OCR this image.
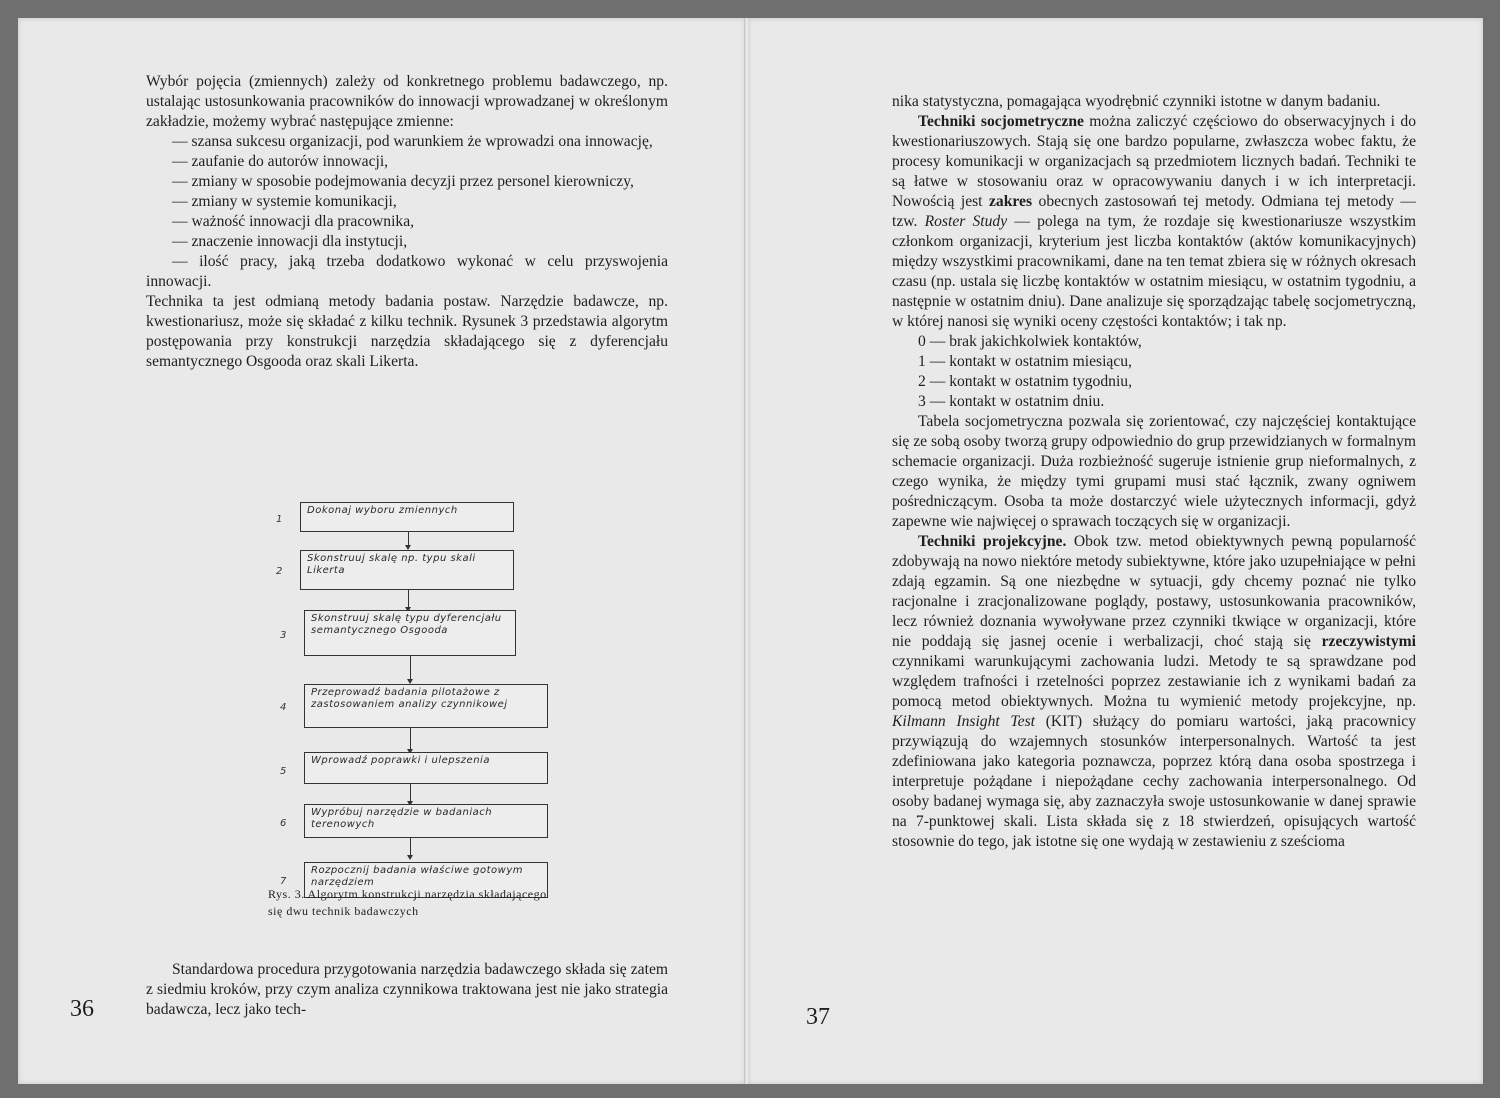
Wybór pojęcia (zmiennych) zależy od konkretnego problemu badawczego, np. ustalając ustosunkowania pracowników do innowacji wprowadzanej w określonym zakładzie, możemy wybrać następujące zmienne:

— szansa sukcesu organizacji, pod warunkiem że wprowadzi ona innowację,

— zaufanie do autorów innowacji,

— zmiany w sposobie podejmowania decyzji przez personel kierowniczy,

— zmiany w systemie komunikacji,

— ważność innowacji dla pracownika,

— znaczenie innowacji dla instytucji,

— ilość pracy, jaką trzeba dodatkowo wykonać w celu przyswojenia innowacji.

Technika ta jest odmianą metody badania postaw. Narzędzie badawcze, np. kwestionariusz, może się składać z kilku technik. Rysunek 3 przedstawia algorytm postępowania przy konstrukcji narzędzia składającego się z dyferencjału semantycznego Osgooda oraz skali Likerta.

1
Dokonaj wyboru zmiennych
2
Skonstruuj skalę np. typu skali Likerta
3
Skonstruuj skalę typu dyferencjału semantycznego Osgooda
4
Przeprowadź badania pilotażowe z zastosowaniem analizy czynnikowej
5
Wprowadź poprawki i ulepszenia
6
Wypróbuj narzędzie w badaniach terenowych
7
Rozpocznij badania właściwe gotowym narzędziem
Rys. 3. Algorytm konstrukcji narzędzia składającego się dwu technik badawczych
Standardowa procedura przygotowania narzędzia badawczego składa się zatem z siedmiu kroków, przy czym analiza czynnikowa traktowana jest nie jako strategia badawcza, lecz jako tech-
36

nika statystyczna, pomagająca wyodrębnić czynniki istotne w danym badaniu.

Techniki socjometryczne można zaliczyć częściowo do obserwacyjnych i do kwestionariuszowych. Stają się one bardzo popularne, zwłaszcza wobec faktu, że procesy komunikacji w organizacjach są przedmiotem licznych badań. Techniki te są łatwe w stosowaniu oraz w opracowywaniu danych i w ich interpretacji. Nowością jest zakres obecnych zastosowań tej metody. Odmiana tej metody — tzw. Roster Study — polega na tym, że rozdaje się kwestionariusze wszystkim członkom organizacji, kryterium jest liczba kontaktów (aktów komunikacyjnych) między wszystkimi pracownikami, dane na ten temat zbiera się w różnych okresach czasu (np. ustala się liczbę kontaktów w ostatnim miesiącu, w ostatnim tygodniu, a następnie w ostatnim dniu). Dane analizuje się sporządzając tabelę socjometryczną, w której nanosi się wyniki oceny częstości kontaktów; i tak np.

0 — brak jakichkolwiek kontaktów,

1 — kontakt w ostatnim miesiącu,

2 — kontakt w ostatnim tygodniu,

3 — kontakt w ostatnim dniu.

Tabela socjometryczna pozwala się zorientować, czy najczęściej kontaktujące się ze sobą osoby tworzą grupy odpowiednio do grup przewidzianych w formalnym schemacie organizacji. Duża rozbieżność sugeruje istnienie grup nieformalnych, z czego wynika, że między tymi grupami musi stać łącznik, zwany ogniwem pośredniczącym. Osoba ta może dostarczyć wiele użytecznych informacji, gdyż zapewne wie najwięcej o sprawach toczących się w organizacji.

Techniki projekcyjne. Obok tzw. metod obiektywnych pewną popularność zdobywają na nowo niektóre metody subiektywne, które jako uzupełniające w pełni zdają egzamin. Są one niezbędne w sytuacji, gdy chcemy poznać nie tylko racjonalne i zracjonalizowane poglądy, postawy, ustosunkowania pracowników, lecz również doznania wywoływane przez czynniki tkwiące w organizacji, które nie poddają się jasnej ocenie i werbalizacji, choć stają się rzeczywistymi czynnikami warunkującymi zachowania ludzi. Metody te są sprawdzane pod względem trafności i rzetelności poprzez zestawianie ich z wynikami badań za pomocą metod obiektywnych. Można tu wymienić metody projekcyjne, np. Kilmann Insight Test (KIT) służący do pomiaru wartości, jaką pracownicy przywiązują do wzajemnych stosunków interpersonalnych. Wartość ta jest zdefiniowana jako kategoria poznawcza, poprzez którą dana osoba spostrzega i interpretuje pożądane i niepożądane cechy zachowania interpersonalnego. Od osoby badanej wymaga się, aby zaznaczyła swoje ustosunkowanie w danej sprawie na 7-punktowej skali. Lista składa się z 18 stwierdzeń, opisujących wartość stosownie do tego, jak istotne się one wydają w zestawieniu z sześcioma

37
